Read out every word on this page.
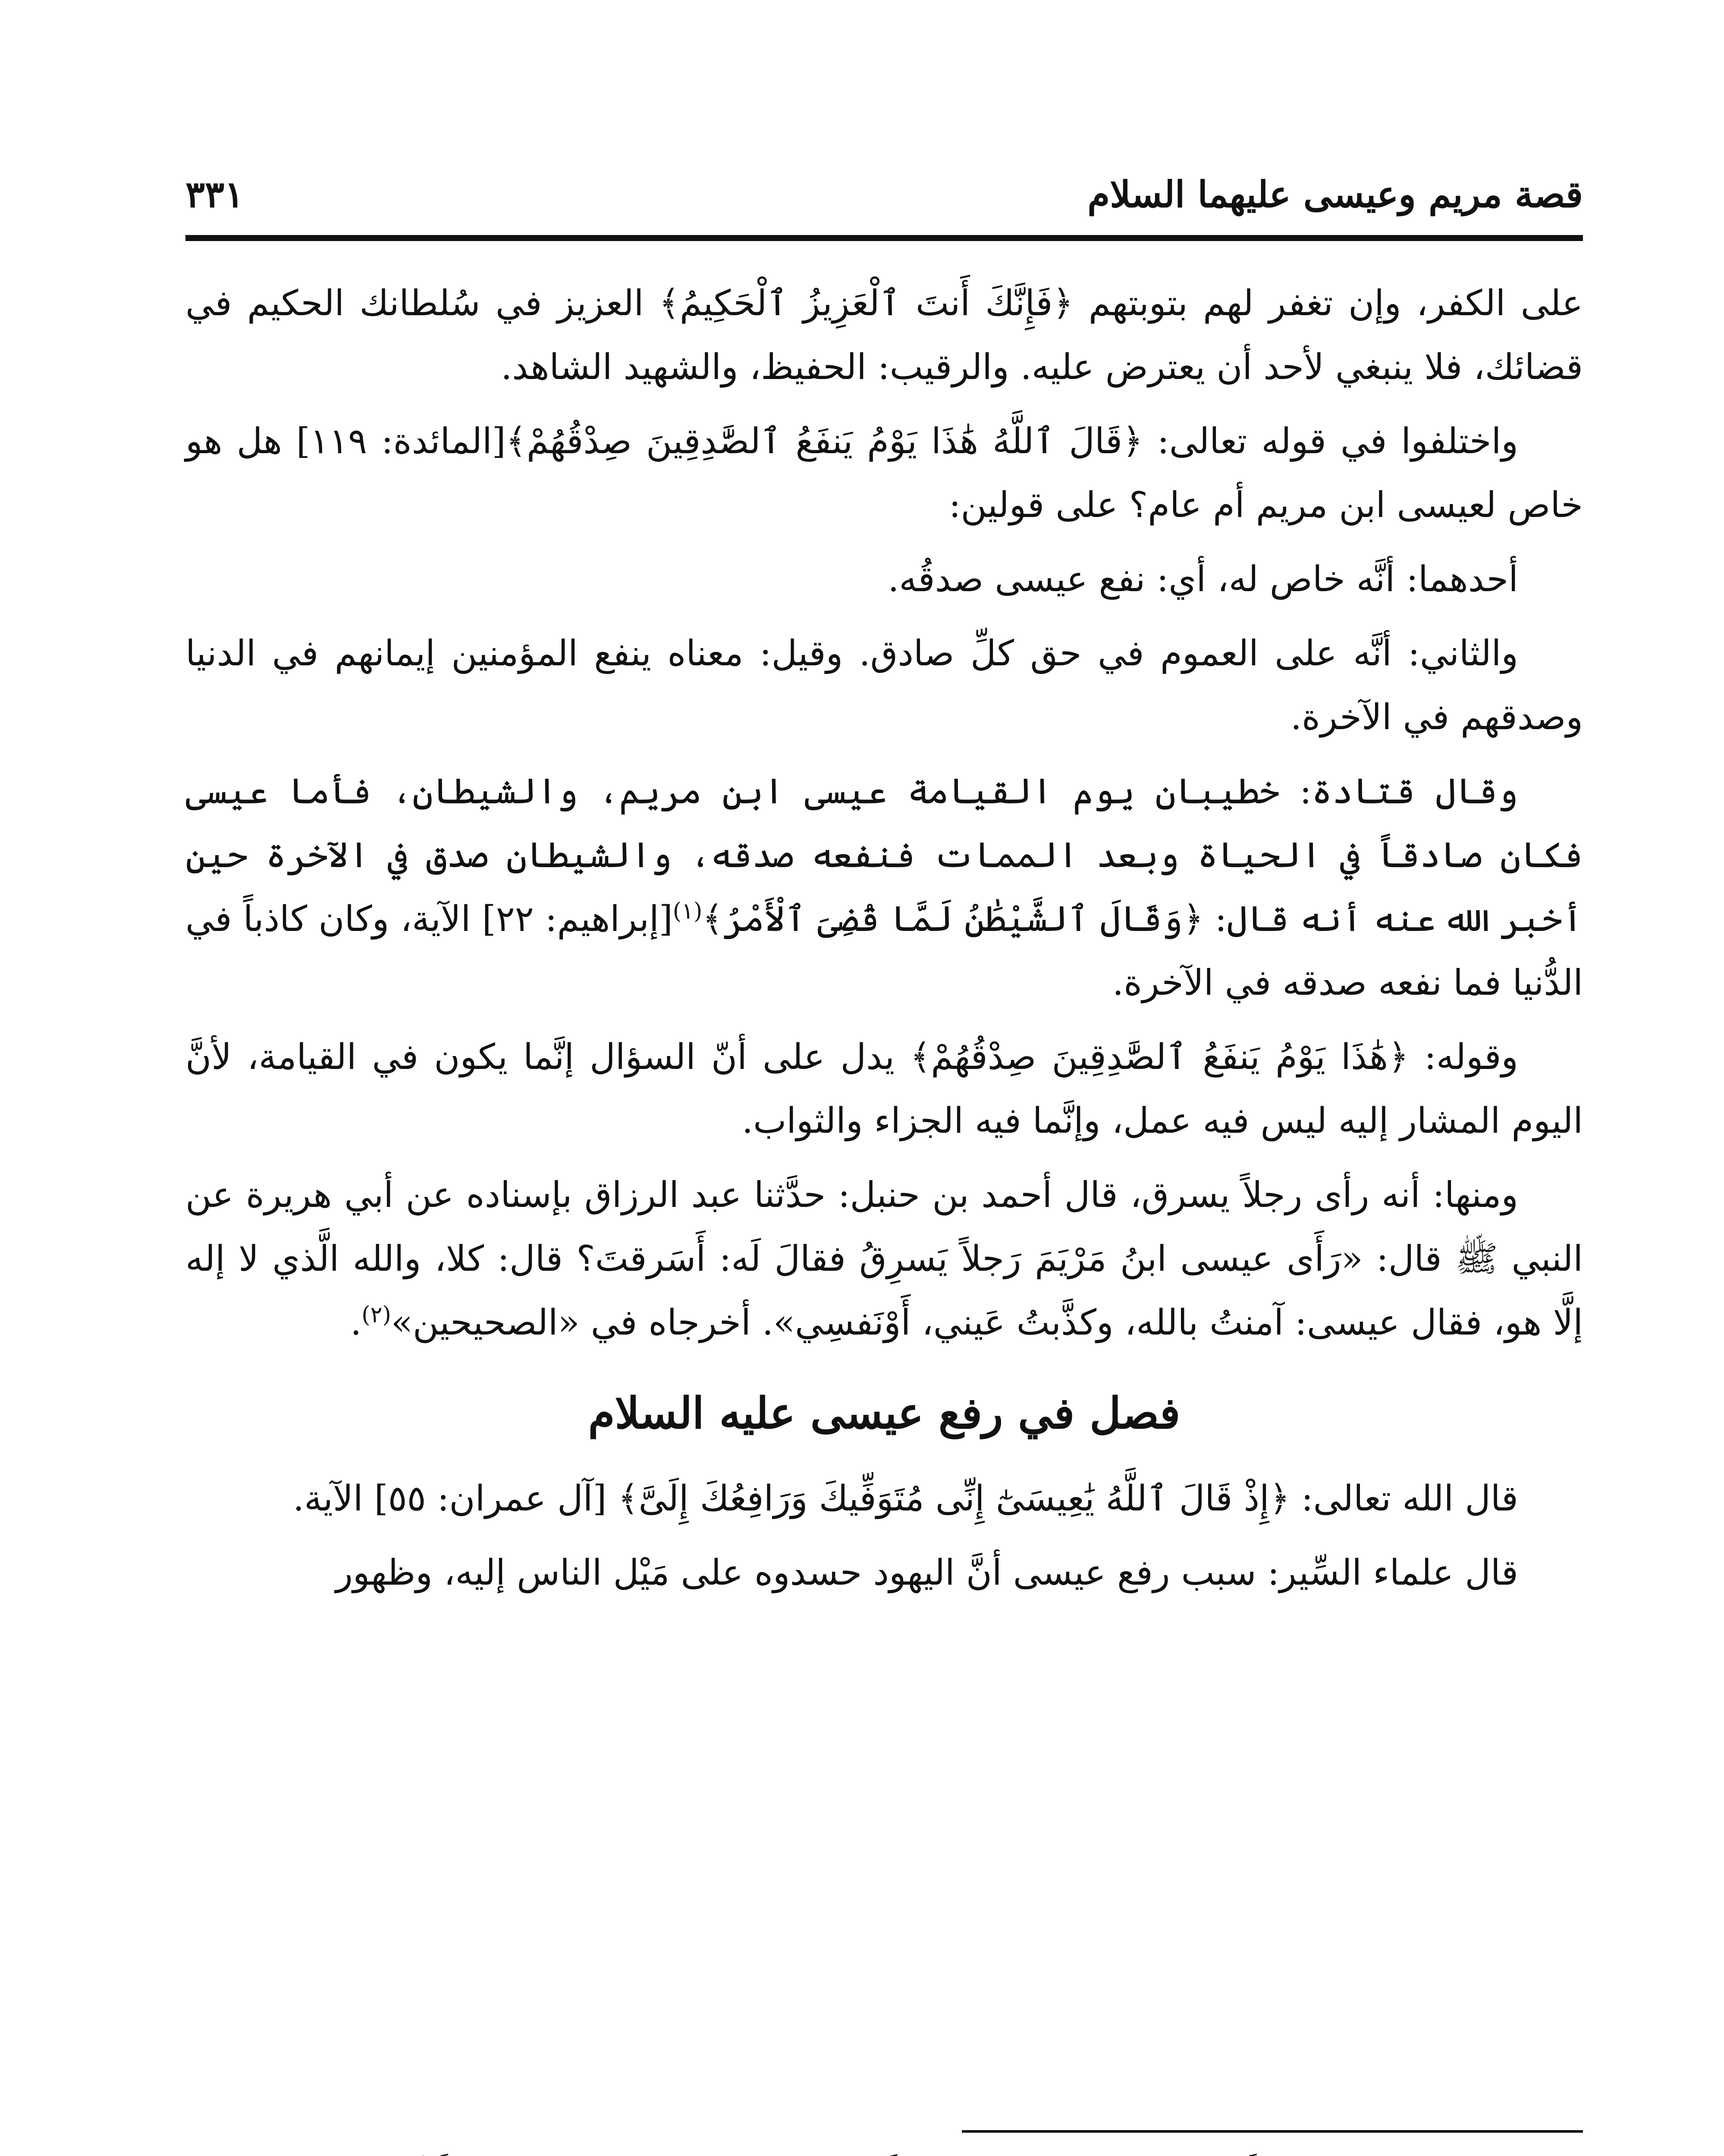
قصة مريم وعيسى عليهما السلام
٣٣١

على الكفر، وإن تغفر لهم بتوبتهم ﴿فَإِنَّكَ أَنتَ ٱلْعَزِيزُ ٱلْحَكِيمُ﴾ العزيز في سُلطانك الحكيم في قضائك، فلا ينبغي لأحد أن يعترض عليه. والرقيب: الحفيظ، والشهيد الشاهد.

واختلفوا في قوله تعالى: ﴿قَالَ ٱللَّهُ هَٰذَا يَوْمُ يَنفَعُ ٱلصَّٰدِقِينَ صِدْقُهُمْ﴾[المائدة: ١١٩] هل هو خاص لعيسى ابن مريم أم عام؟ على قولين:

أحدهما: أنَّه خاص له، أي: نفع عيسى صدقُه.

والثاني: أنَّه على العموم في حق كلِّ صادق. وقيل: معناه ينفع المؤمنين إيمانهم في الدنيا وصدقهم في الآخرة.

وقال قتادة: خطيبان يوم القيامة عيسى ابن مريم، والشيطان، فأما عيسى فكان صادقاً في الحياة وبعد الممات فنفعه صدقه، والشيطان صدق في الآخرة حين أخبر الله عنه أنه قال: ﴿وَقَالَ ٱلشَّيْطَٰنُ لَمَّا قُضِىَ ٱلْأَمْرُ﴾$^{(١)}$[إبراهيم: ٢٢] الآية، وكان كاذباً في الدُّنيا فما نفعه صدقه في الآخرة.

وقوله: ﴿هَٰذَا يَوْمُ يَنفَعُ ٱلصَّٰدِقِينَ صِدْقُهُمْ﴾ يدل على أنّ السؤال إنَّما يكون في القيامة، لأنَّ اليوم المشار إليه ليس فيه عمل، وإنَّما فيه الجزاء والثواب.

ومنها: أنه رأى رجلاً يسرق، قال أحمد بن حنبل: حدَّثنا عبد الرزاق بإسناده عن أبي هريرة عن النبي ﷺ قال: «رَأَى عيسى ابنُ مَرْيَمَ رَجلاً يَسرِقُ فقالَ لَه: أَسَرقتَ؟ قال: كلا، والله الَّذي لا إله إلَّا هو، فقال عيسى: آمنتُ بالله، وكذَّبتُ عَيني، أَوْنَفسِي». أخرجاه في «الصحيحين»$^{(٢)}$.

فصل في رفع عيسى عليه السلام

قال الله تعالى: ﴿إِذْ قَالَ ٱللَّهُ يَٰعِيسَىٰٓ إِنِّى مُتَوَفِّيكَ وَرَافِعُكَ إِلَىَّ﴾ [آل عمران: ٥٥] الآية.

قال علماء السِّير: سبب رفع عيسى أنَّ اليهود حسدوه على مَيْل الناس إليه، وظهور
